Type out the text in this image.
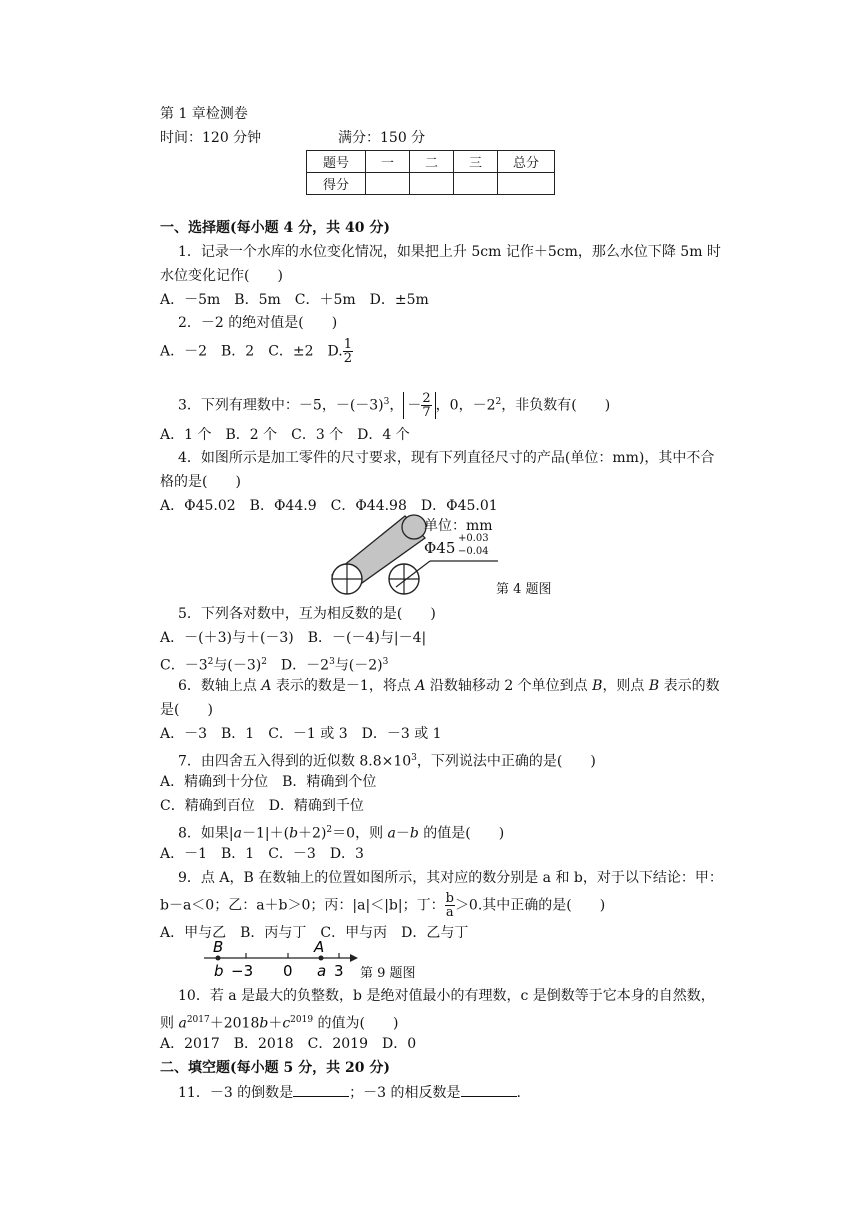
第 1 章检测卷
时间：120 分钟	满分：150 分
题号	一	二	三	总分
得分				
一、选择题(每小题 4 分，共 40 分)
1．记录一个水库的水位变化情况，如果把上升 5cm 记作＋5cm，那么水位下降 5m 时
水位变化记作(　　)
A．－5m　B．5m　C．＋5m　D．±5m
2．－2 的绝对值是(　　)
A．－2　B．2　C．±2　D. $\frac{1}{2}$
3．下列有理数中：－5，$-(-3)^3$， － $\frac{2}{7}$ ，0，$-2^2$，非负数有(　　)
A．1 个　B．2 个　C．3 个　D．4 个
4．如图所示是加工零件的尺寸要求，现有下列直径尺寸的产品(单位：mm)，其中不合
格的是(　　)
A．Φ45.02　B．Φ44.9　C．Φ44.98　D．Φ45.01
单位：mm
Φ45
+0.03
−0.04
第 4 题图
5．下列各对数中，互为相反数的是(　　)
A．－(＋3)与＋(－3)　B．－(－4)与|－4|
C．$-3^2$与$(-3)^2$　D．$-2^3$与$(-2)^3$
6．数轴上点 A 表示的数是－1，将点 A 沿数轴移动 2 个单位到点 B，则点 B 表示的数
是(　　)
A．－3　B．1　C．－1 或 3　D．－3 或 1
7．由四舍五入得到的近似数 $8.8\times 10^3$，下列说法中正确的是(　　)
A．精确到十分位　B．精确到个位
C．精确到百位　D．精确到千位
8．如果$|a-1|+(b+2)^2=0$，则 a－b 的值是(　　)
A．－1　B．1　C．－3　D．3
9．点 A，B 在数轴上的位置如图所示，其对应的数分别是 a 和 b，对于以下结论：甲：
b－a＜0；乙：a＋b＞0；丙：|a|＜|b|；丁： $\frac{b}{a} >0$.其中正确的是(　　)
A．甲与乙　B．丙与丁　C．甲与丙　D．乙与丁
B	A
b −3 0 a 3 第 9 题图
10．若 a 是最大的负整数，b 是绝对值最小的有理数，c 是倒数等于它本身的自然数，
则 $a^{2017}+2018b+c^{2019}$ 的值为(　　)
A．2017　B．2018　C．2019　D．0
二、填空题(每小题 5 分，共 20 分)
11．－3 的倒数是	；－3 的相反数是	.
